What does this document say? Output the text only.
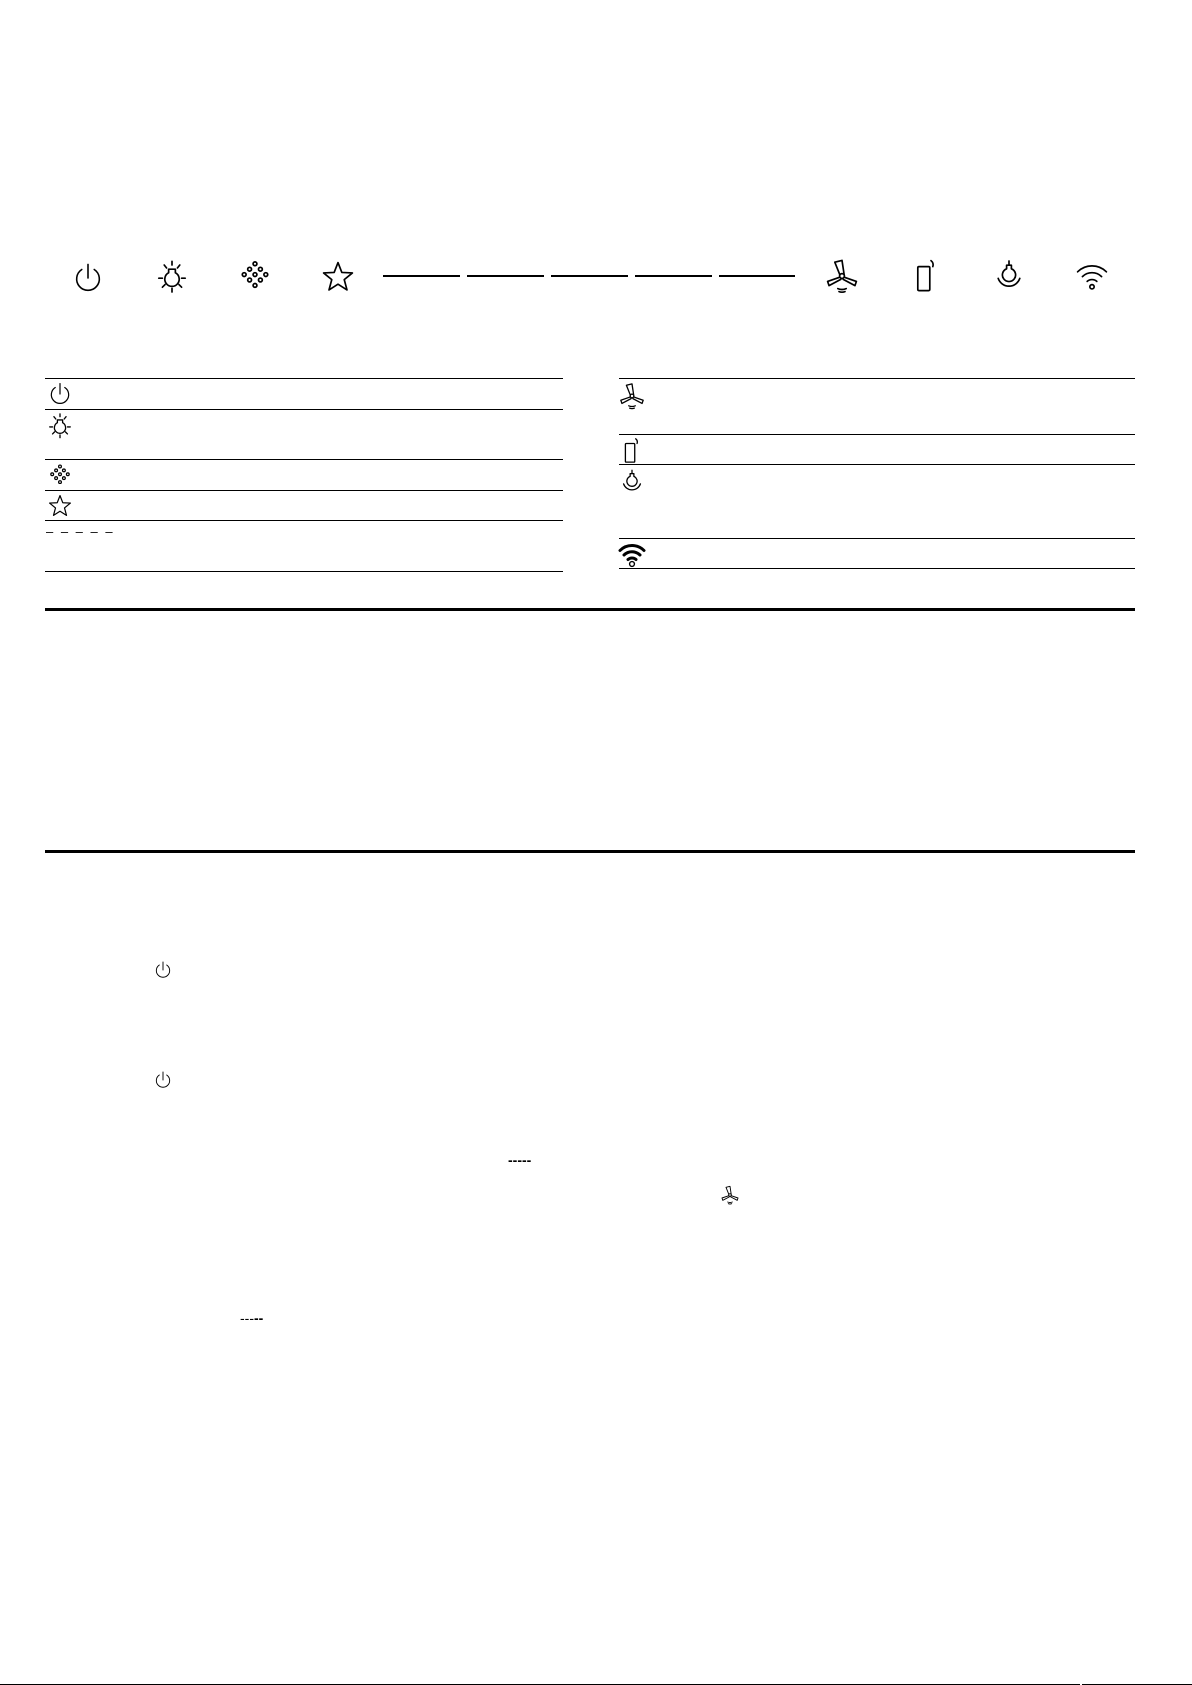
– – – – –
-----
-----
